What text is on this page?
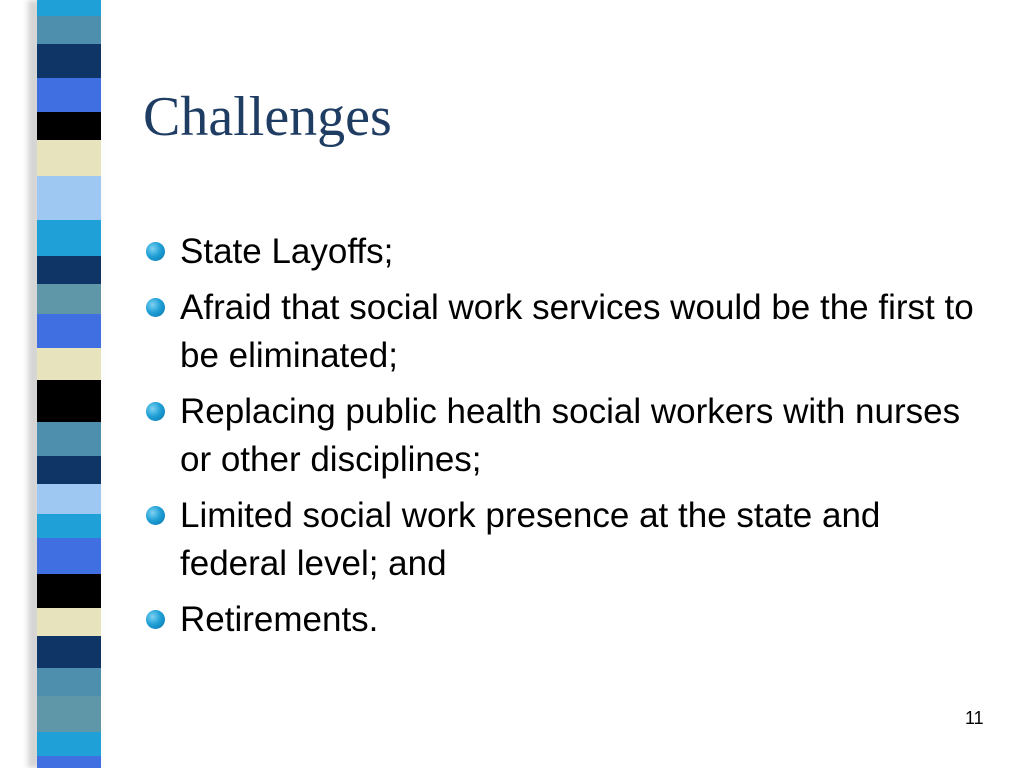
Challenges
State Layoffs;
Afraid that social work services would be the first to be eliminated;
Replacing public health social workers with nurses or other disciplines;
Limited social work presence at the state and federal level; and
Retirements.
11
